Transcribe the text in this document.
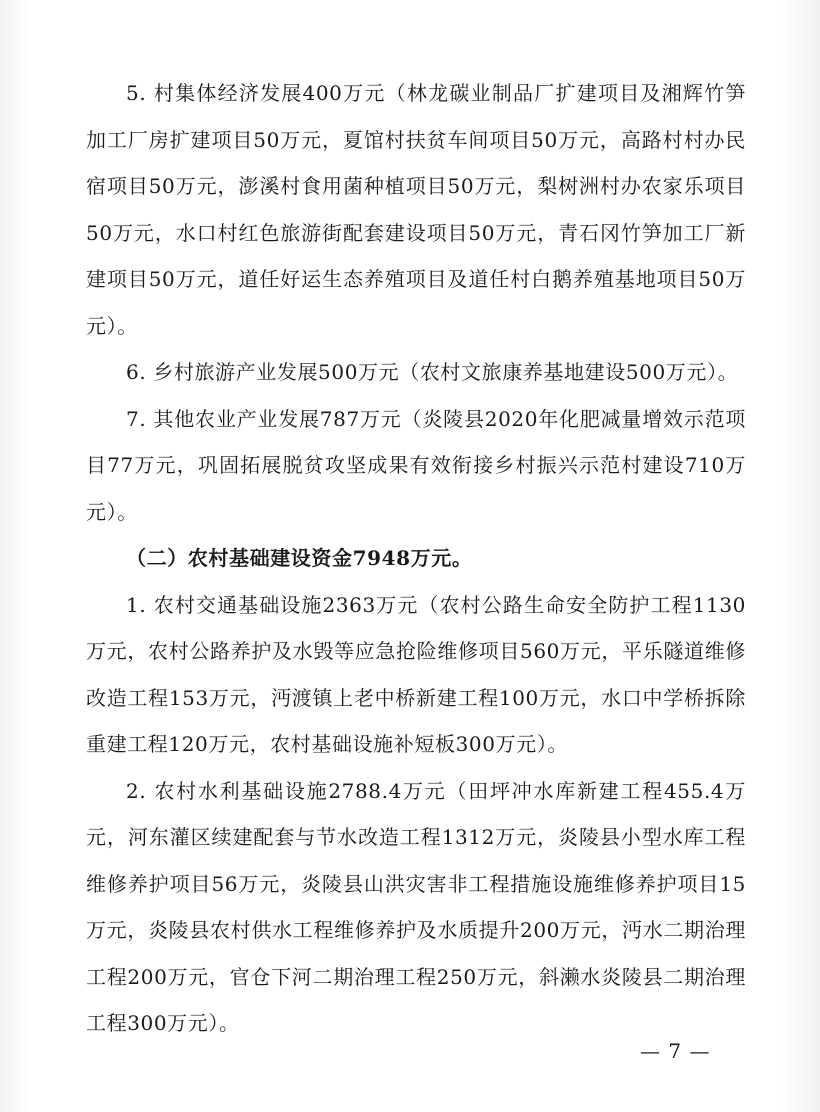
5. 村集体经济发展400万元（林龙碳业制品厂扩建项目及湘辉竹笋加工厂房扩建项目50万元，夏馆村扶贫车间项目50万元，高路村村办民宿项目50万元，澎溪村食用菌种植项目50万元，梨树洲村办农家乐项目50万元，水口村红色旅游街配套建设项目50万元，青石冈竹笋加工厂新建项目50万元，道任好运生态养殖项目及道任村白鹅养殖基地项目50万元）。

6. 乡村旅游产业发展500万元（农村文旅康养基地建设500万元）。

7. 其他农业产业发展787万元（炎陵县2020年化肥减量增效示范项目77万元，巩固拓展脱贫攻坚成果有效衔接乡村振兴示范村建设710万元）。

（二）农村基础建设资金7948万元。

1. 农村交通基础设施2363万元（农村公路生命安全防护工程1130万元，农村公路养护及水毁等应急抢险维修项目560万元，平乐隧道维修改造工程153万元，沔渡镇上老中桥新建工程100万元，水口中学桥拆除重建工程120万元，农村基础设施补短板300万元）。

2. 农村水利基础设施2788.4万元（田坪冲水库新建工程455.4万元，河东灌区续建配套与节水改造工程1312万元，炎陵县小型水库工程维修养护项目56万元，炎陵县山洪灾害非工程措施设施维修养护项目15万元，炎陵县农村供水工程维修养护及水质提升200万元，沔水二期治理工程200万元，官仓下河二期治理工程250万元，斜濑水炎陵县二期治理工程300万元）。

— 7 —
